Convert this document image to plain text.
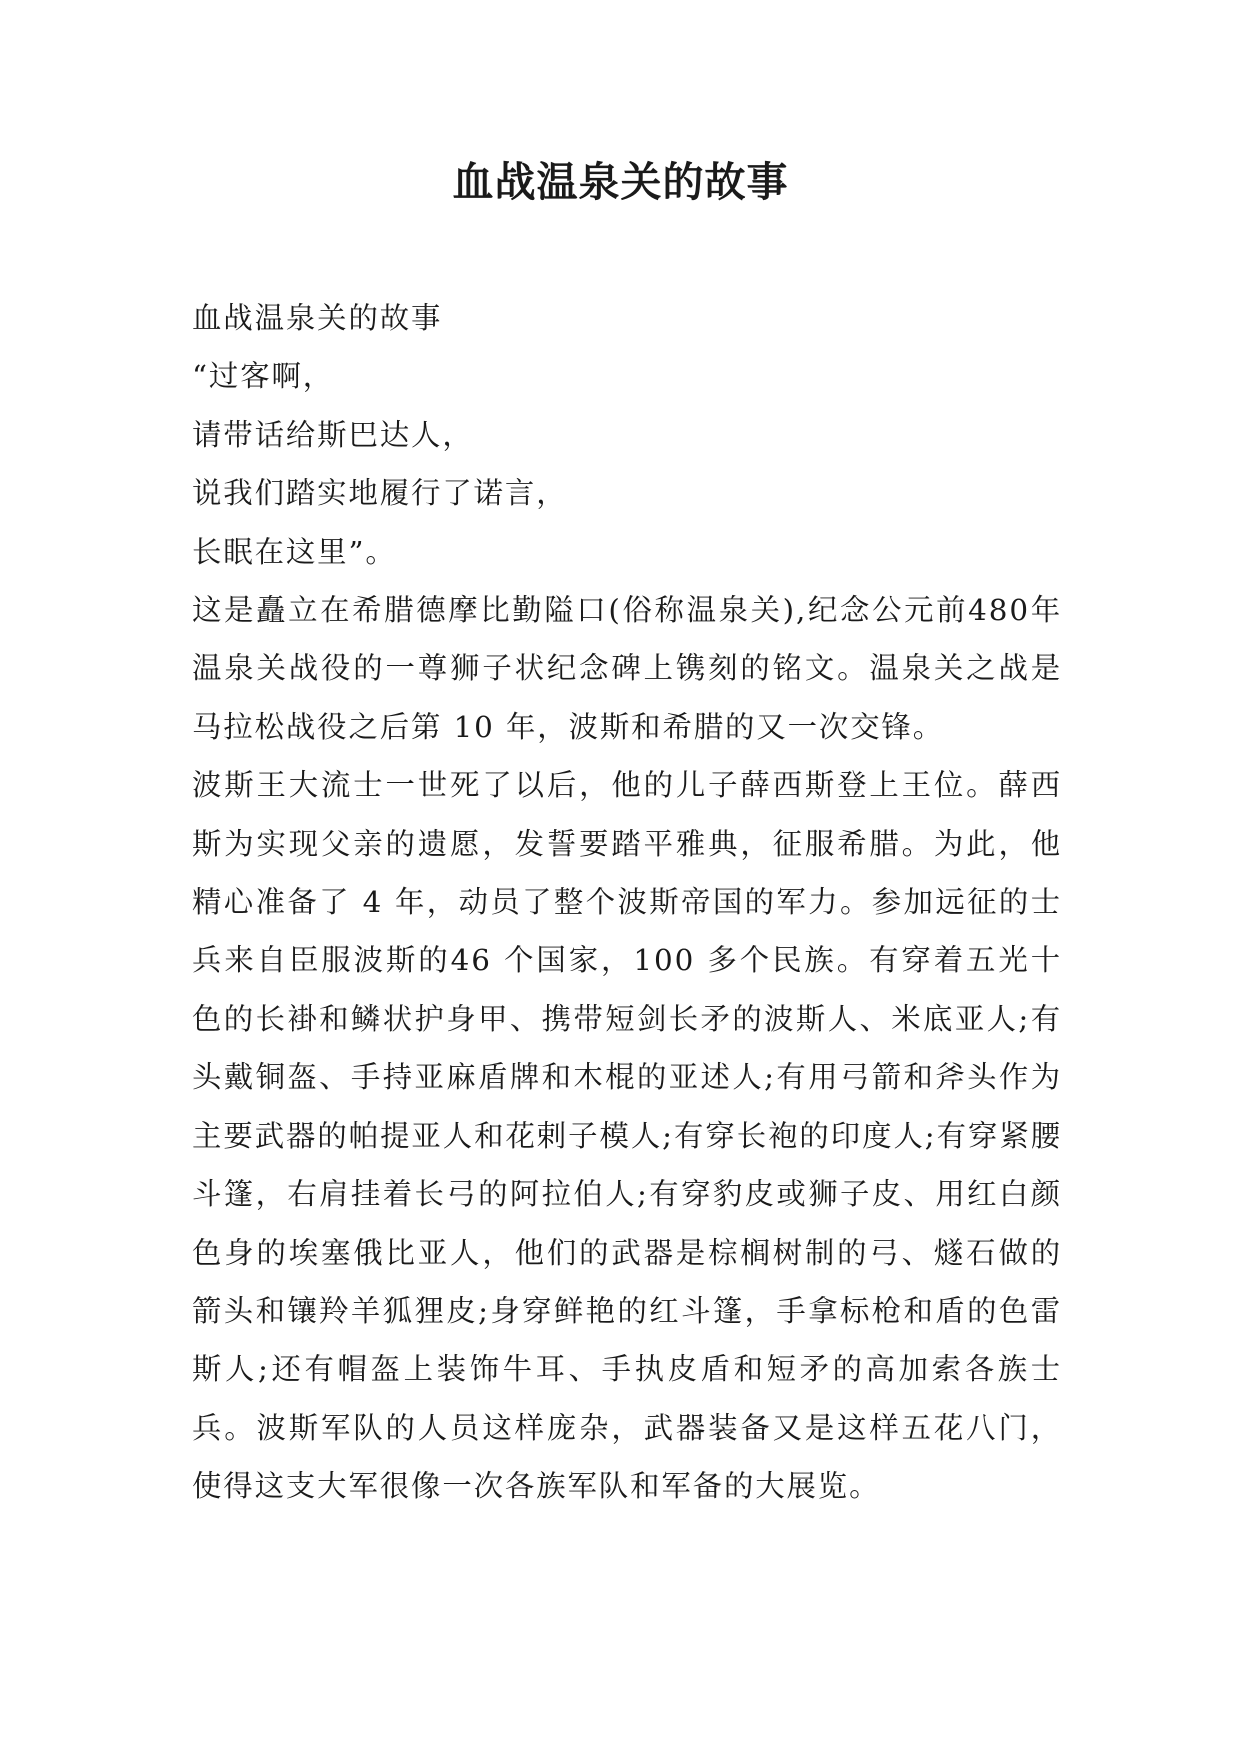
血战温泉关的故事

血战温泉关的故事

“过客啊，

请带话给斯巴达人，

说我们踏实地履行了诺言，

长眠在这里”。

这是矗立在希腊德摩比勤隘口(俗称温泉关),纪念公元前480年温泉关战役的一尊狮子状纪念碑上镌刻的铭文。温泉关之战是马拉松战役之后第 10 年，波斯和希腊的又一次交锋。

波斯王大流士一世死了以后，他的儿子薛西斯登上王位。薛西斯为实现父亲的遗愿，发誓要踏平雅典，征服希腊。为此，他精心准备了 4 年，动员了整个波斯帝国的军力。参加远征的士兵来自臣服波斯的46 个国家，100 多个民族。有穿着五光十色的长褂和鳞状护身甲、携带短剑长矛的波斯人、米底亚人;有头戴铜盔、手持亚麻盾牌和木棍的亚述人;有用弓箭和斧头作为主要武器的帕提亚人和花剌子模人;有穿长袍的印度人;有穿紧腰斗篷，右肩挂着长弓的阿拉伯人;有穿豹皮或狮子皮、用红白颜色身的埃塞俄比亚人，他们的武器是棕榈树制的弓、燧石做的箭头和镶羚羊狐狸皮;身穿鲜艳的红斗篷，手拿标枪和盾的色雷斯人;还有帽盔上装饰牛耳、手执皮盾和短矛的高加索各族士兵。波斯军队的人员这样庞杂，武器装备又是这样五花八门，使得这支大军很像一次各族军队和军备的大展览。
